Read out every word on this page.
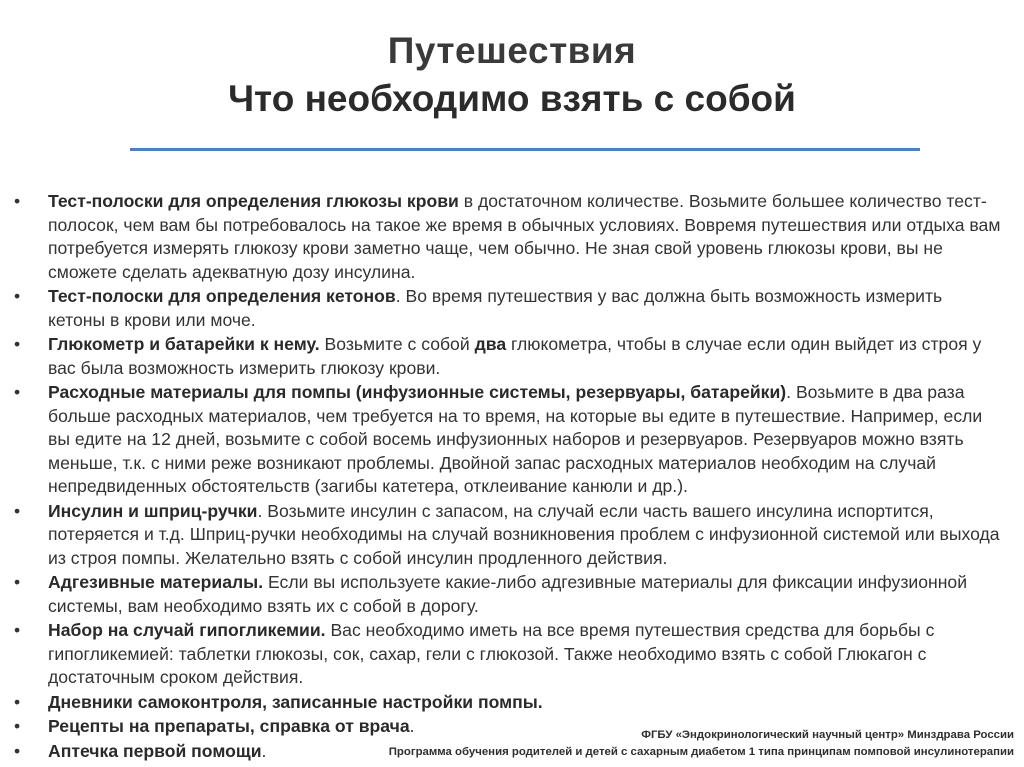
Путешествия
Что необходимо взять с собой
•	Тест-полоски для определения глюкозы крови в достаточном количестве. Возьмите большее количество тест-полосок, чем вам бы потребовалось на такое же время в обычных условиях. Вовремя путешествия или отдыха вам потребуется измерять глюкозу крови заметно чаще, чем обычно. Не зная свой уровень глюкозы крови, вы не сможете сделать адекватную дозу инсулина.
•	Тест-полоски для определения кетонов. Во время путешествия у вас должна быть возможность измерить кетоны в крови или моче.
•	Глюкометр и батарейки к нему. Возьмите с собой два глюкометра, чтобы в случае если один выйдет из строя у вас была возможность измерить глюкозу крови.
•	Расходные материалы для помпы (инфузионные системы, резервуары, батарейки). Возьмите в два раза больше расходных материалов, чем требуется на то время, на которые вы едите в путешествие. Например, если вы едите на 12 дней, возьмите с собой восемь инфузионных наборов и резервуаров. Резервуаров можно взять меньше, т.к. с ними реже возникают проблемы. Двойной запас расходных материалов необходим на случай непредвиденных обстоятельств (загибы катетера, отклеивание канюли и др.).
•	Инсулин и шприц-ручки. Возьмите инсулин с запасом, на случай если часть вашего инсулина испортится, потеряется и т.д. Шприц-ручки необходимы на случай возникновения проблем с инфузионной системой или выхода из строя помпы. Желательно взять с собой инсулин продленного действия.
•	Адгезивные материалы. Если вы используете какие-либо адгезивные материалы для фиксации инфузионной системы, вам необходимо взять их с собой в дорогу.
•	Набор на случай гипогликемии. Вас необходимо иметь на все время путешествия средства для борьбы с гипогликемией: таблетки глюкозы, сок, сахар, гели с глюкозой. Также необходимо взять с собой Глюкагон с достаточным сроком действия.
•	Дневники самоконтроля, записанные настройки помпы.
•	Рецепты на препараты, справка от врача.
•	Аптечка первой помощи.
ФГБУ «Эндокринологический научный центр» Минздрава России
Программа обучения родителей и детей с сахарным диабетом 1 типа принципам помповой инсулинотерапии
